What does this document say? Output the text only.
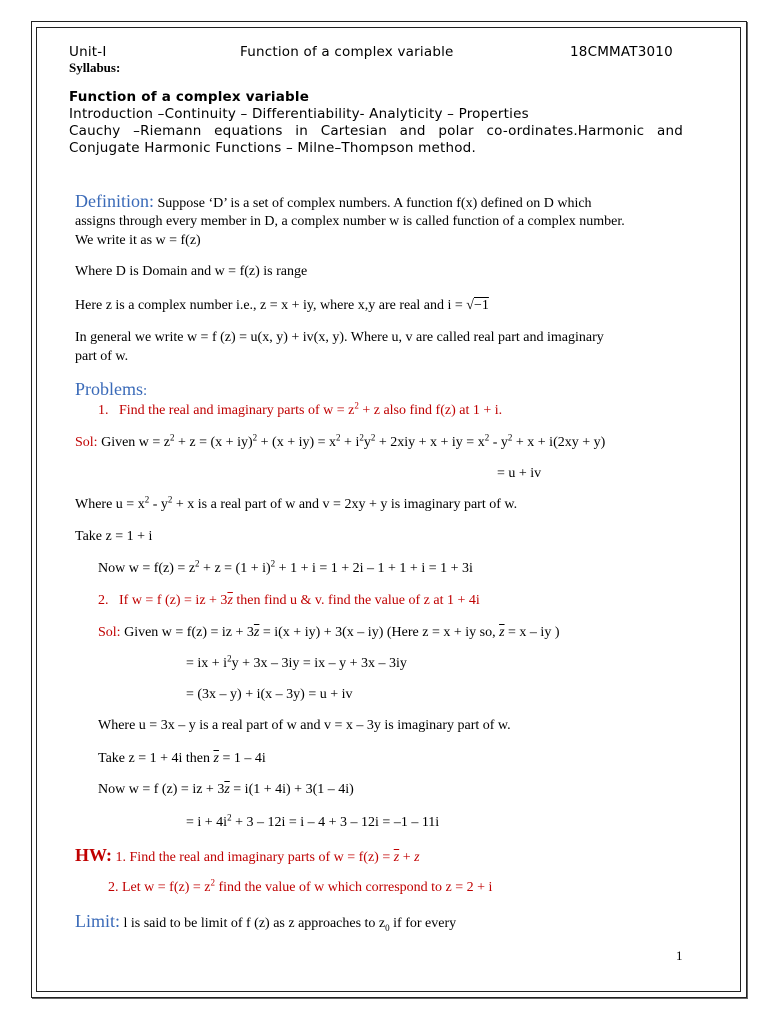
Unit-I	Function of a complex variable	18CMMAT3010
Syllabus:
Function of a complex variable
Introduction –Continuity – Differentiability- Analyticity – Properties
Cauchy –Riemann equations in Cartesian and polar co-ordinates.Harmonic and
Conjugate Harmonic Functions – Milne–Thompson method.
Definition: Suppose ‘D’ is a set of complex numbers. A function f(x) defined on D which
assigns through every member in D, a complex number w is called function of a complex number.
We write it as w = f(z)
Where D is Domain and w = f(z) is range
Here z is a complex number i.e., z = x + iy, where x,y are real and i = √−1
In general we write w = f (z) = u(x, y) + iv(x, y). Where u, v are called real part and imaginary
part of w.
Problems:
1. Find the real and imaginary parts of $w = z^2 + z$ also find f(z) at 1 + i.
Sol: Given $w = z^2 + z = (x + iy)^2 + (x + iy) = x^2 + i^2y^2 + 2xiy + x$ + iy = $x^2 - y^2 + x + i(2xy + y)$
= u + iv
Where $u = x^2 - y^2 + x$ is a real part of w and v = 2xy + y is imaginary part of w.
Take z = 1 + i
Now $w = f(z) = z^2 + z = (1 + i)^2 + 1 + i = 1 + 2i - 1 + 1 + i = 1 + 3i$
2. If w = f (z) = iz + $3\overline{z}$ then find u & v. find the value of z at 1 + 4i
Sol: Given w = f(z) = iz + $3\overline{z} = i(x + iy) + 3(x - iy)$ (Here z = x + iy so, $\overline{z} = x$ – iy )
= ix + $i^2y + 3x - 3iy$ = ix – y + 3x – 3iy
= (3x – y) + i(x – 3y) = u + iv
Where u = 3x – y is a real part of w and v = x – 3y is imaginary part of w.
Take z = 1 + 4i then $\overline{z} = 1 - 4i$
Now w = f (z) = iz + $3\overline{z} = i(1 + 4i) + 3(1 - 4i)$
= $i + 4i^2 + 3 - 12i = i - 4 + 3 - 12i = -1 - 11i$
HW: 1. Find the real and imaginary parts of $w = f(z) = \overline{z} + z$
2. Let $w = f(z) = z^2$ find the value of w which correspond to z = 2 + i
Limit: l is said to be limit of f (z) as z approaches to $z_0$ if for every
1
